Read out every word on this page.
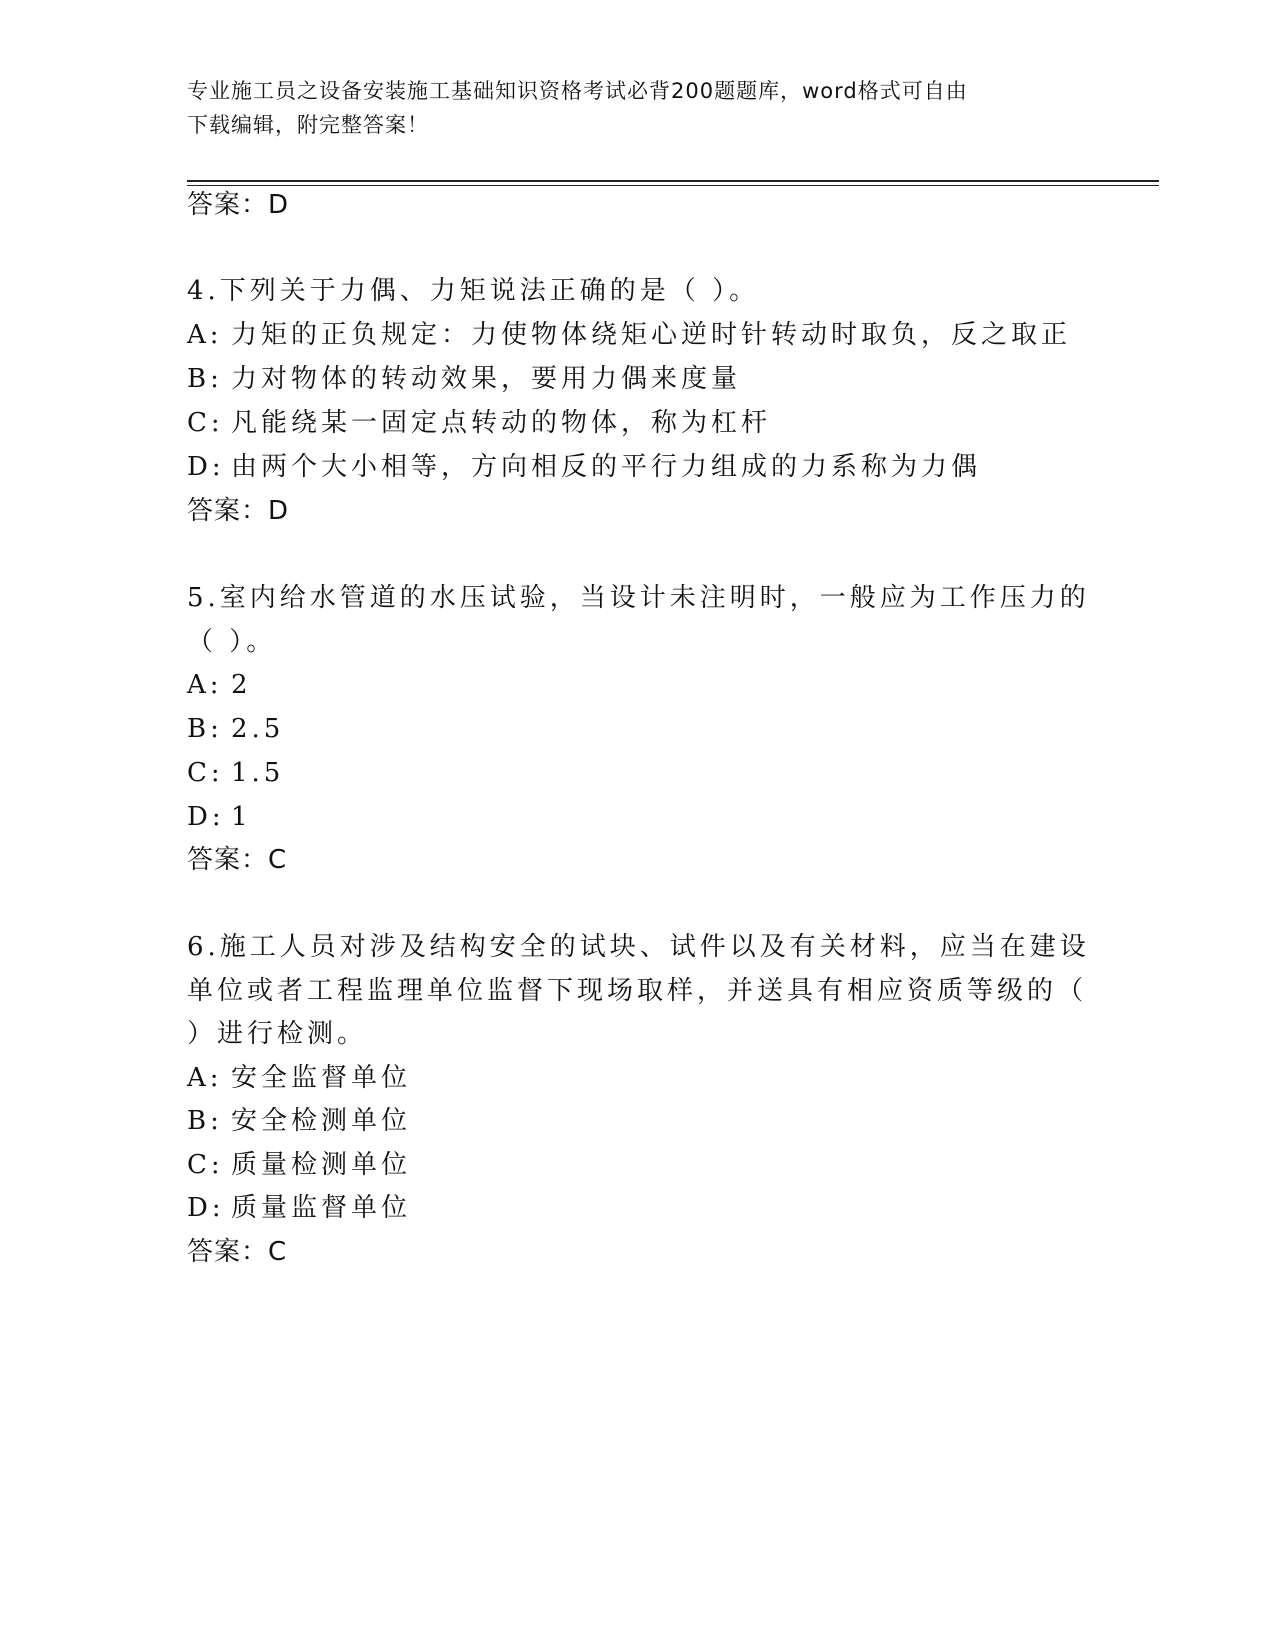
专业施工员之设备安装施工基础知识资格考试必背200题题库，word格式可自由
下载编辑，附完整答案！
答案：D
4.下列关于力偶、力矩说法正确的是（ ）。
A: 力矩的正负规定：力使物体绕矩心逆时针转动时取负，反之取正
B: 力对物体的转动效果，要用力偶来度量
C: 凡能绕某一固定点转动的物体，称为杠杆
D: 由两个大小相等，方向相反的平行力组成的力系称为力偶
答案：D
5.室内给水管道的水压试验，当设计未注明时，一般应为工作压力的
（ ）。
A: 2
B: 2.5
C: 1.5
D: 1
答案：C
6.施工人员对涉及结构安全的试块、试件以及有关材料，应当在建设
单位或者工程监理单位监督下现场取样，并送具有相应资质等级的（
）进行检测。
A: 安全监督单位
B: 安全检测单位
C: 质量检测单位
D: 质量监督单位
答案：C
